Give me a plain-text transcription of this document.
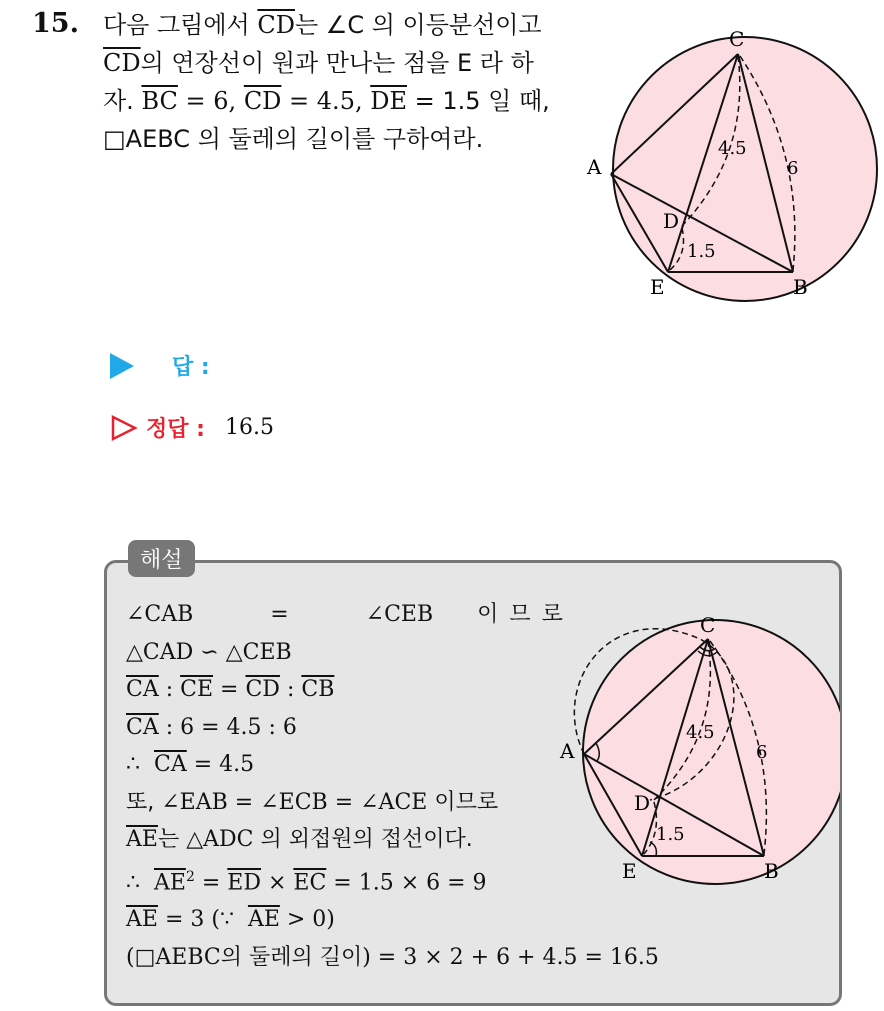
15. 다음 그림에서 $\overline{CD}$는 ∠C 의 이등분선이고
$\overline{CD}$의 연장선이 원과 만나는 점을 E 라 하
자. $\overline{BC} = 6$, $\overline{CD} = 4.5$, $\overline{DE} = 1.5$ 일 때,
□AEBC 의 둘레의 길이를 구하여라.
C
A
D
E	B
4.5
6
1.5
답 :
정답 : 16.5
해설
∠CAB       =       ∠CEB    이 므 로
△CAD ∽ △CEB
$\overline{CA}$ : $\overline{CE} = \overline{CD}$ : $\overline{CB}$
$\overline{CA}$ : 6 = 4.5 : 6
∴  $\overline{CA} = 4.5$
또, ∠EAB = ∠ECB = ∠ACE 이므로
$\overline{AE}$는 △ADC 의 외접원의 접선이다.
∴  $\overline{AE}^2 = \overline{ED} \times \overline{EC} = 1.5 \times 6 = 9$
$\overline{AE} = 3$ (∵  $\overline{AE} > 0$)
(□AEBC의 둘레의 길이) = 3 × 2 + 6 + 4.5 = 16.5
C
A
D
E	B
4.5
6
1.5
